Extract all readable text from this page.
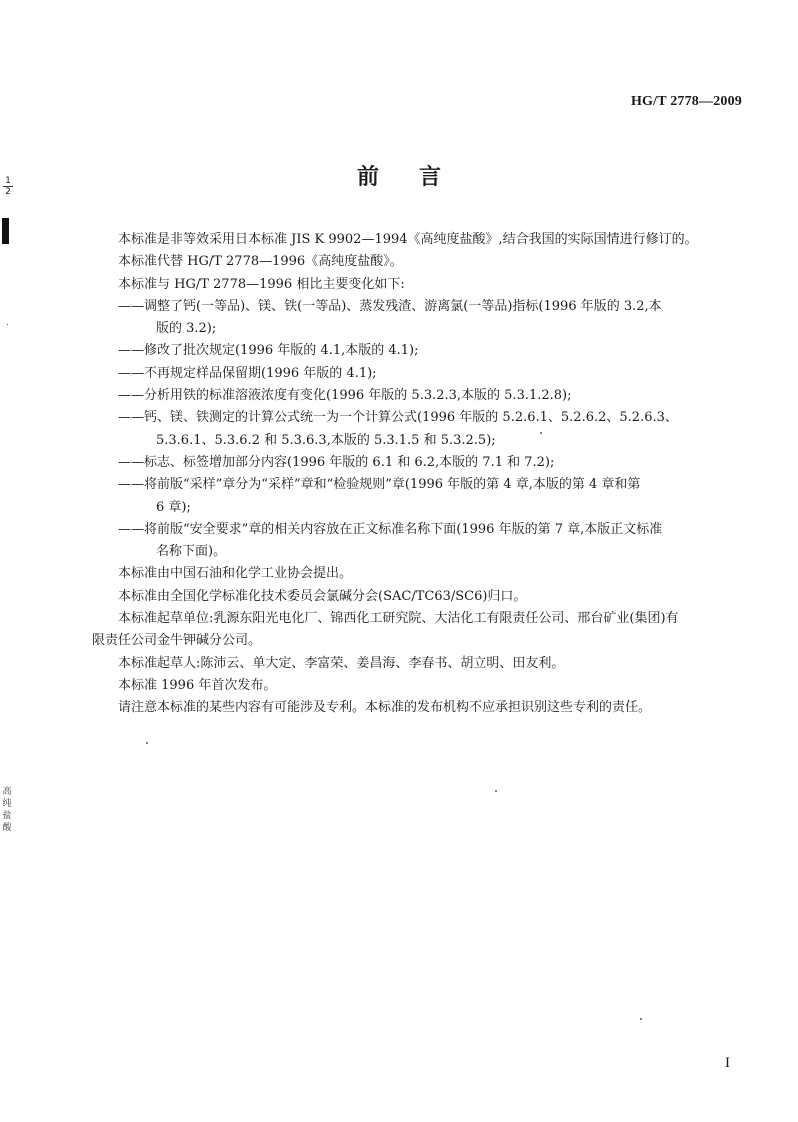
HG/T 2778—2009
前言

本标准是非等效采用日本标准 JIS K 9902—1994《高纯度盐酸》,结合我国的实际国情进行修订的。

本标准代替 HG/T 2778—1996《高纯度盐酸》。

本标准与 HG/T 2778—1996 相比主要变化如下:

——调整了钙(一等品)、镁、铁(一等品)、蒸发残渣、游离氯(一等品)指标(1996 年版的 3.2,本
版的 3.2);

——修改了批次规定(1996 年版的 4.1,本版的 4.1);

——不再规定样品保留期(1996 年版的 4.1);

——分析用铁的标准溶液浓度有变化(1996 年版的 5.3.2.3,本版的 5.3.1.2.8);

——钙、镁、铁测定的计算公式统一为一个计算公式(1996 年版的 5.2.6.1、5.2.6.2、5.2.6.3、
5.3.6.1、5.3.6.2 和 5.3.6.3,本版的 5.3.1.5 和 5.3.2.5);

——标志、标签增加部分内容(1996 年版的 6.1 和 6.2,本版的 7.1 和 7.2);

——将前版“采样”章分为“采样”章和“检验规则”章(1996 年版的第 4 章,本版的第 4 章和第
6 章);

——将前版“安全要求”章的相关内容放在正文标准名称下面(1996 年版的第 7 章,本版正文标准
名称下面)。

本标准由中国石油和化学工业协会提出。

本标准由全国化学标准化技术委员会氯碱分会(SAC/TC63/SC6)归口。

本标准起草单位:乳源东阳光电化厂、锦西化工研究院、大沽化工有限责任公司、邢台矿业(集团)有

限责任公司金牛钾碱分公司。

本标准起草人:陈沛云、单大定、李富荣、姜昌海、李春书、胡立明、田友利。

本标准 1996 年首次发布。

请注意本标准的某些内容有可能涉及专利。本标准的发布机构不应承担识别这些专利的责任。

I
1
2
.
高纯盐酸
